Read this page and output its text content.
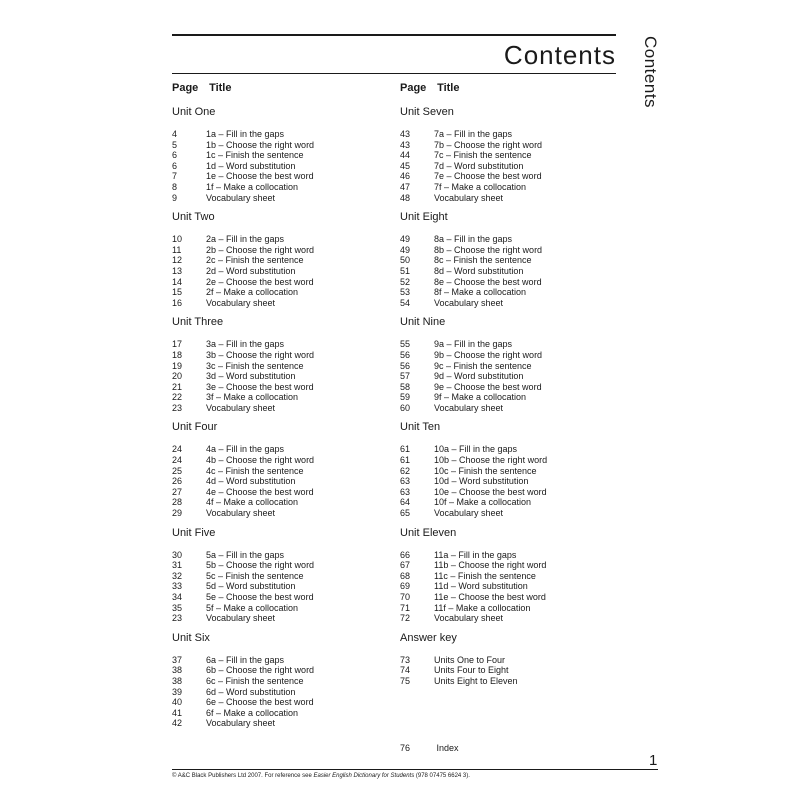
Contents Contents
Page Title
Unit One
4	1a – Fill in the gaps
5	1b – Choose the right word
6	1c – Finish the sentence
6	1d – Word substitution
7	1e – Choose the best word
8	1f – Make a collocation
9	Vocabulary sheet
Unit Two
10	2a – Fill in the gaps
11	2b – Choose the right word
12	2c – Finish the sentence
13	2d – Word substitution
14	2e – Choose the best word
15	2f – Make a collocation
16	Vocabulary sheet
Unit Three
17	3a – Fill in the gaps
18	3b – Choose the right word
19	3c – Finish the sentence
20	3d – Word substitution
21	3e – Choose the best word
22	3f – Make a collocation
23	Vocabulary sheet
Unit Four
24	4a – Fill in the gaps
24	4b – Choose the right word
25	4c – Finish the sentence
26	4d – Word substitution
27	4e – Choose the best word
28	4f – Make a collocation
29	Vocabulary sheet
Unit Five
30	5a – Fill in the gaps
31	5b – Choose the right word
32	5c – Finish the sentence
33	5d – Word substitution
34	5e – Choose the best word
35	5f – Make a collocation
23	Vocabulary sheet
Unit Six
37	6a – Fill in the gaps
38	6b – Choose the right word
38	6c – Finish the sentence
39	6d – Word substitution
40	6e – Choose the best word
41	6f – Make a collocation
42	Vocabulary sheet
Page Title
Unit Seven
43	7a – Fill in the gaps
43	7b – Choose the right word
44	7c – Finish the sentence
45	7d – Word substitution
46	7e – Choose the best word
47	7f – Make a collocation
48	Vocabulary sheet
Unit Eight
49	8a – Fill in the gaps
49	8b – Choose the right word
50	8c – Finish the sentence
51	8d – Word substitution
52	8e – Choose the best word
53	8f – Make a collocation
54	Vocabulary sheet
Unit Nine
55	9a – Fill in the gaps
56	9b – Choose the right word
56	9c – Finish the sentence
57	9d – Word substitution
58	9e – Choose the best word
59	9f – Make a collocation
60	Vocabulary sheet
Unit Ten
61	10a – Fill in the gaps
61	10b – Choose the right word
62	10c – Finish the sentence
63	10d – Word substitution
63	10e – Choose the best word
64	10f – Make a collocation
65	Vocabulary sheet
Unit Eleven
66	11a – Fill in the gaps
67	11b – Choose the right word
68	11c – Finish the sentence
69	11d – Word substitution
70	11e – Choose the best word
71	11f – Make a collocation
72	Vocabulary sheet
Answer key
73	Units One to Four
74	Units Four to Eight
75	Units Eight to Eleven
76	Index
1
© A&C Black Publishers Ltd 2007. For reference see Easier English Dictionary for Students (978 07475 6624 3).
